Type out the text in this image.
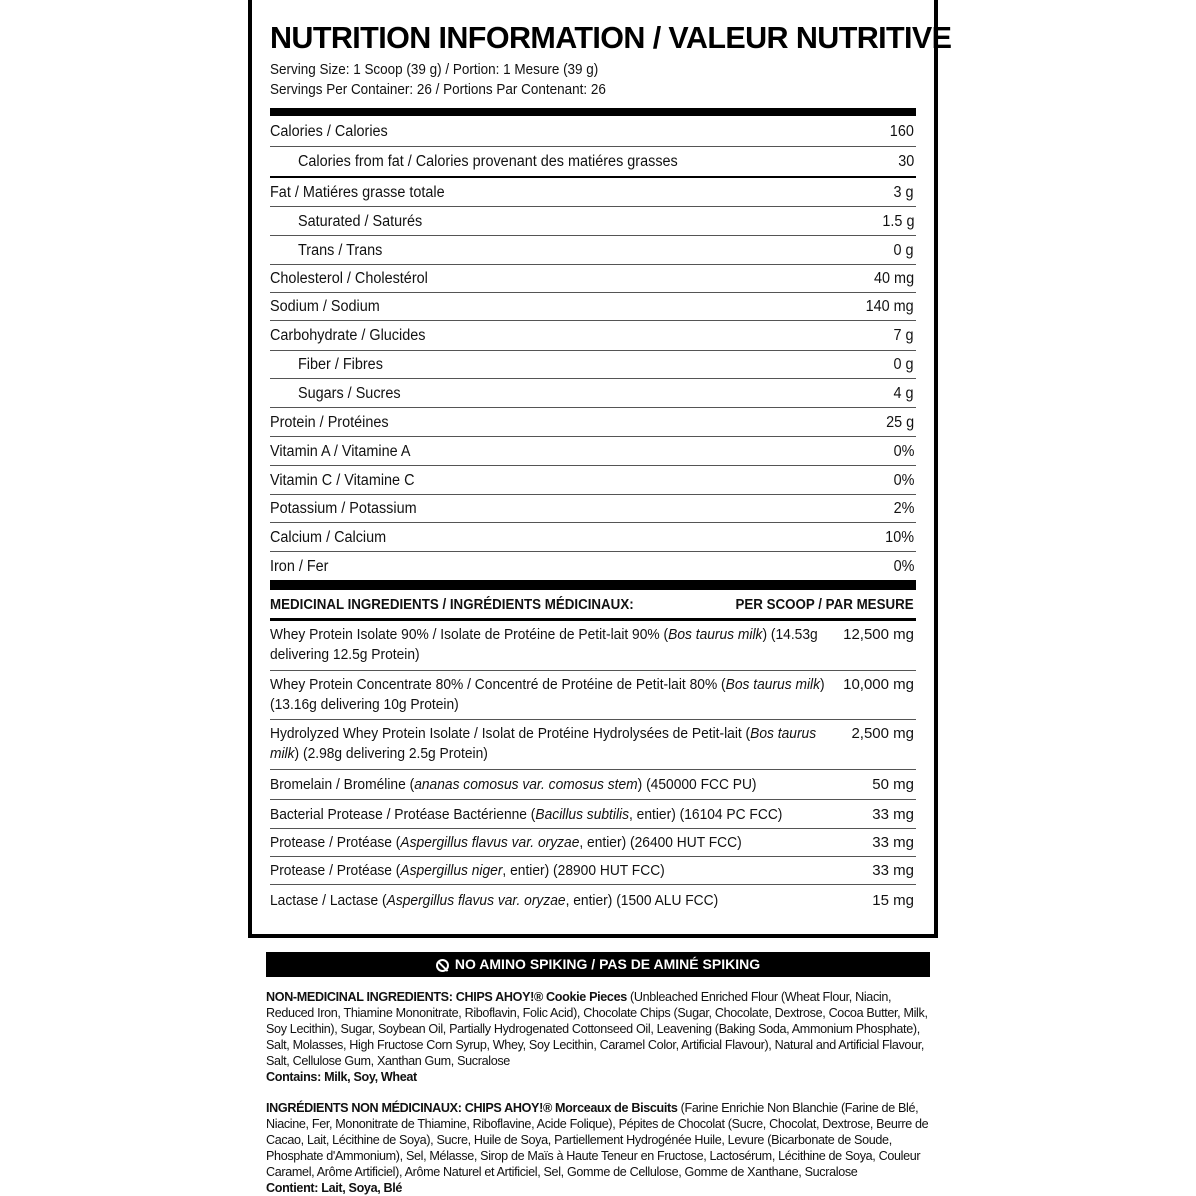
NUTRITION INFORMATION / VALEUR NUTRITIVE
Serving Size: 1 Scoop (39 g) / Portion: 1 Mesure (39 g)
Servings Per Container: 26 / Portions Par Contenant: 26
Calories / Calories	160
Calories from fat / Calories provenant des matiéres grasses	30
Fat / Matiéres grasse totale	3 g
Saturated / Saturés	1.5 g
Trans / Trans	0 g
Cholesterol / Cholestérol	40 mg
Sodium / Sodium	140 mg
Carbohydrate / Glucides	7 g
Fiber / Fibres	0 g
Sugars / Sucres	4 g
Protein / Protéines	25 g
Vitamin A / Vitamine A	0%
Vitamin C / Vitamine C	0%
Potassium / Potassium	2%
Calcium / Calcium	10%
Iron / Fer	0%
MEDICINAL INGREDIENTS / INGRÉDIENTS MÉDICINAUX:	PER SCOOP / PAR MESURE
Whey Protein Isolate 90% / Isolate de Protéine de Petit-lait 90% (Bos taurus milk) (14.53g delivering 12.5g Protein)
12,500 mg
Whey Protein Concentrate 80% / Concentré de Protéine de Petit-lait 80% (Bos taurus milk) (13.16g delivering 10g Protein)
10,000 mg
Hydrolyzed Whey Protein Isolate / Isolat de Protéine Hydrolysées de Petit-lait (Bos taurus milk) (2.98g delivering 2.5g Protein)
2,500 mg
Bromelain / Broméline (ananas comosus var. comosus stem) (450000 FCC PU)	50 mg
Bacterial Protease / Protéase Bactérienne (Bacillus subtilis, entier) (16104 PC FCC)	33 mg
Protease / Protéase (Aspergillus flavus var. oryzae, entier) (26400 HUT FCC)	33 mg
Protease / Protéase (Aspergillus niger, entier) (28900 HUT FCC)	33 mg
Lactase / Lactase (Aspergillus flavus var. oryzae, entier) (1500 ALU FCC)	15 mg
NO AMINO SPIKING / PAS DE AMINÉ SPIKING
NON-MEDICINAL INGREDIENTS: CHIPS AHOY!® Cookie Pieces (Unbleached Enriched Flour (Wheat Flour, Niacin, Reduced Iron, Thiamine Mononitrate, Riboflavin, Folic Acid), Chocolate Chips (Sugar, Chocolate, Dextrose, Cocoa Butter, Milk, Soy Lecithin), Sugar, Soybean Oil, Partially Hydrogenated Cottonseed Oil, Leavening (Baking Soda, Ammonium Phosphate), Salt, Molasses, High Fructose Corn Syrup, Whey, Soy Lecithin, Caramel Color, Artificial Flavour), Natural and Artificial Flavour, Salt, Cellulose Gum, Xanthan Gum, Sucralose
Contains: Milk, Soy, Wheat
INGRÉDIENTS NON MÉDICINAUX: CHIPS AHOY!® Morceaux de Biscuits (Farine Enrichie Non Blanchie (Farine de Blé, Niacine, Fer, Mononitrate de Thiamine, Riboflavine, Acide Folique), Pépites de Chocolat (Sucre, Chocolat, Dextrose, Beurre de Cacao, Lait, Lécithine de Soya), Sucre, Huile de Soya, Partiellement Hydrogénée Huile, Levure (Bicarbonate de Soude, Phosphate d'Ammonium), Sel, Mélasse, Sirop de Maïs à Haute Teneur en Fructose, Lactosérum, Lécithine de Soya, Couleur Caramel, Arôme Artificiel), Arôme Naturel et Artificiel, Sel, Gomme de Cellulose, Gomme de Xanthane, Sucralose
Contient: Lait, Soya, Blé
